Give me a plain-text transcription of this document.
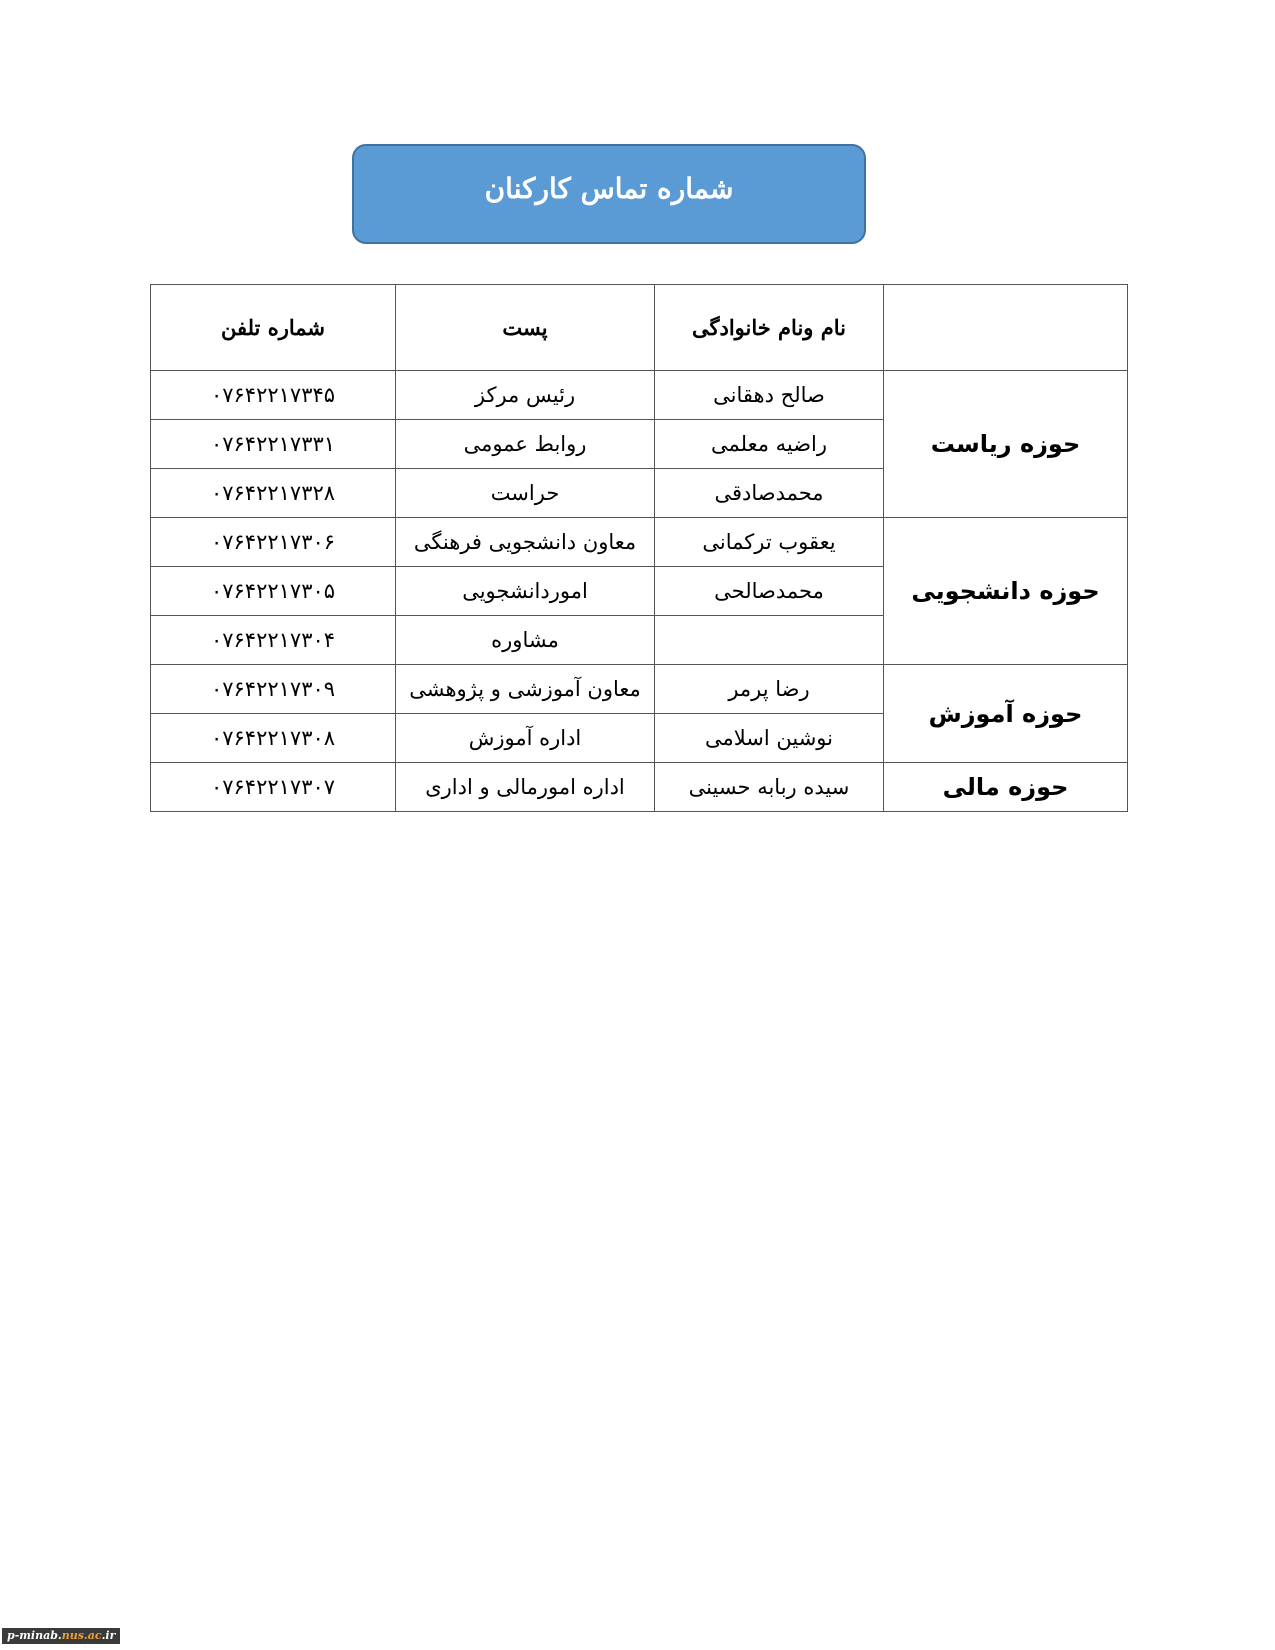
شماره تماس کارکنان
	نام ونام خانوادگی	پست	شماره تلفن
حوزه ریاست	صالح دهقانی	رئیس مرکز	۰۷۶۴۲۲۱۷۳۴۵
	راضیه معلمی	روابط عمومی	۰۷۶۴۲۲۱۷۳۳۱
	محمدصادقی	حراست	۰۷۶۴۲۲۱۷۳۲۸
حوزه دانشجویی	یعقوب ترکمانی	معاون دانشجویی فرهنگی	۰۷۶۴۲۲۱۷۳۰۶
	محمدصالحی	اموردانشجویی	۰۷۶۴۲۲۱۷۳۰۵
		مشاوره	۰۷۶۴۲۲۱۷۳۰۴
حوزه آموزش	رضا پرمر	معاون آموزشی و پژوهشی	۰۷۶۴۲۲۱۷۳۰۹
	نوشین اسلامی	اداره آموزش	۰۷۶۴۲۲۱۷۳۰۸
حوزه مالی	سیده ربابه حسینی	اداره امورمالی و اداری	۰۷۶۴۲۲۱۷۳۰۷
p-minab.nus.ac.ir
